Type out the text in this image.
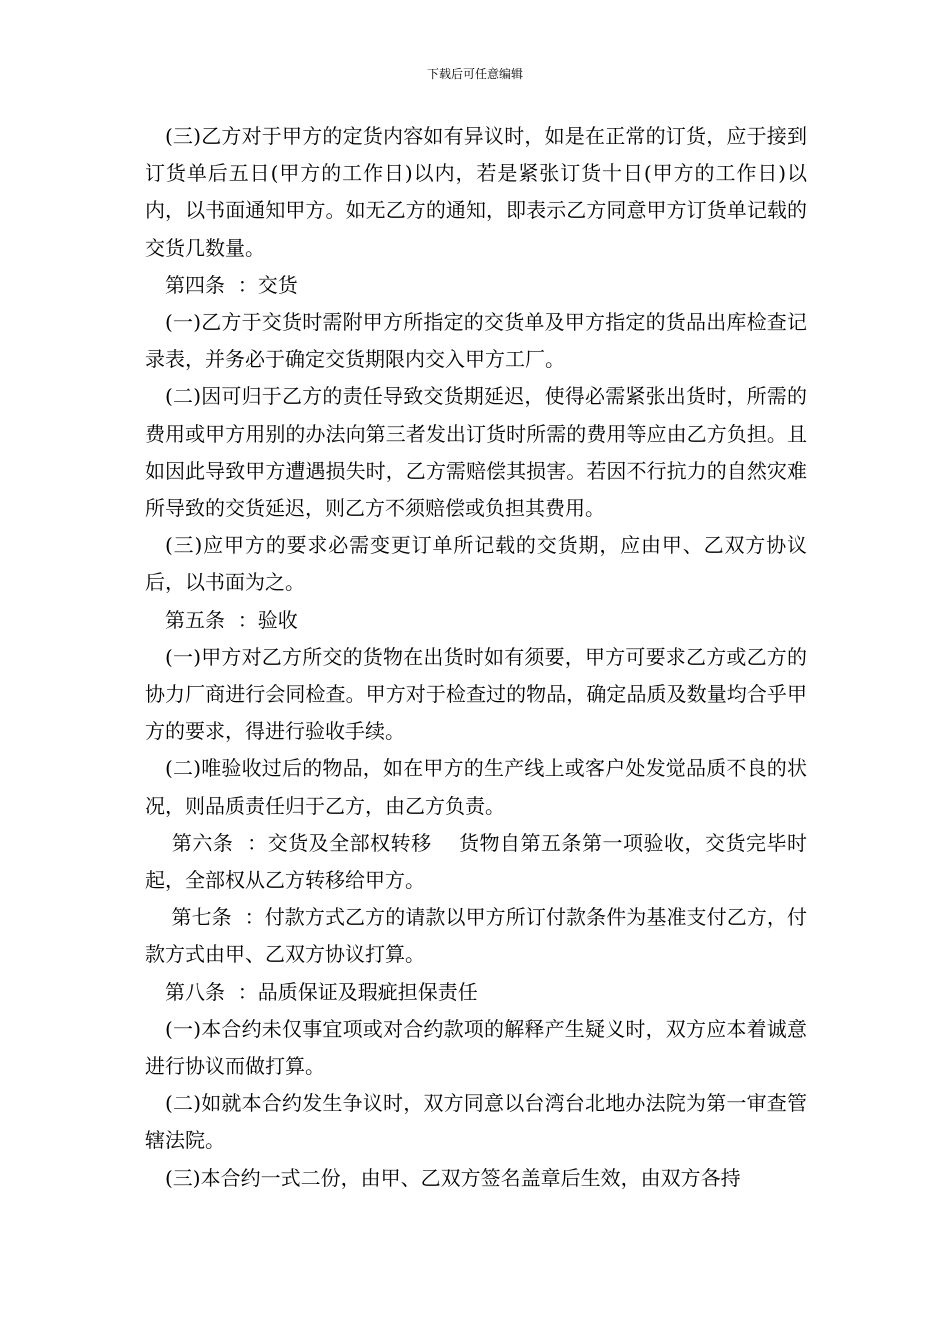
下载后可任意编辑

(三)乙方对于甲方的定货内容如有异议时，如是在正常的订货，应于接到订货单后五日(甲方的工作日)以内，若是紧张订货十日(甲方的工作日)以内，以书面通知甲方。如无乙方的通知，即表示乙方同意甲方订货单记载的交货几数量。

第四条  ：交货

(一)乙方于交货时需附甲方所指定的交货单及甲方指定的货品出库检查记录表，并务必于确定交货期限内交入甲方工厂。

(二)因可归于乙方的责任导致交货期延迟，使得必需紧张出货时，所需的费用或甲方用别的办法向第三者发出订货时所需的费用等应由乙方负担。且如因此导致甲方遭遇损失时，乙方需赔偿其损害。若因不行抗力的自然灾难所导致的交货延迟，则乙方不须赔偿或负担其费用。

(三)应甲方的要求必需变更订单所记载的交货期，应由甲、乙双方协议后，以书面为之。

第五条  ：验收

(一)甲方对乙方所交的货物在出货时如有须要，甲方可要求乙方或乙方的协力厂商进行会同检查。甲方对于检查过的物品，确定品质及数量均合乎甲方的要求，得进行验收手续。

(二)唯验收过后的物品，如在甲方的生产线上或客户处发觉品质不良的状况，则品质责任归于乙方，由乙方负责。

第六条  ：交货及全部权转移    货物自第五条第一项验收，交货完毕时起，全部权从乙方转移给甲方。

第七条  ：付款方式乙方的请款以甲方所订付款条件为基准支付乙方，付款方式由甲、乙双方协议打算。

第八条  ：品质保证及瑕疵担保责任

(一)本合约未仅事宜项或对合约款项的解释产生疑义时，双方应本着诚意进行协议而做打算。

(二)如就本合约发生争议时，双方同意以台湾台北地办法院为第一审查管辖法院。

(三)本合约一式二份，由甲、乙双方签名盖章后生效，由双方各持
